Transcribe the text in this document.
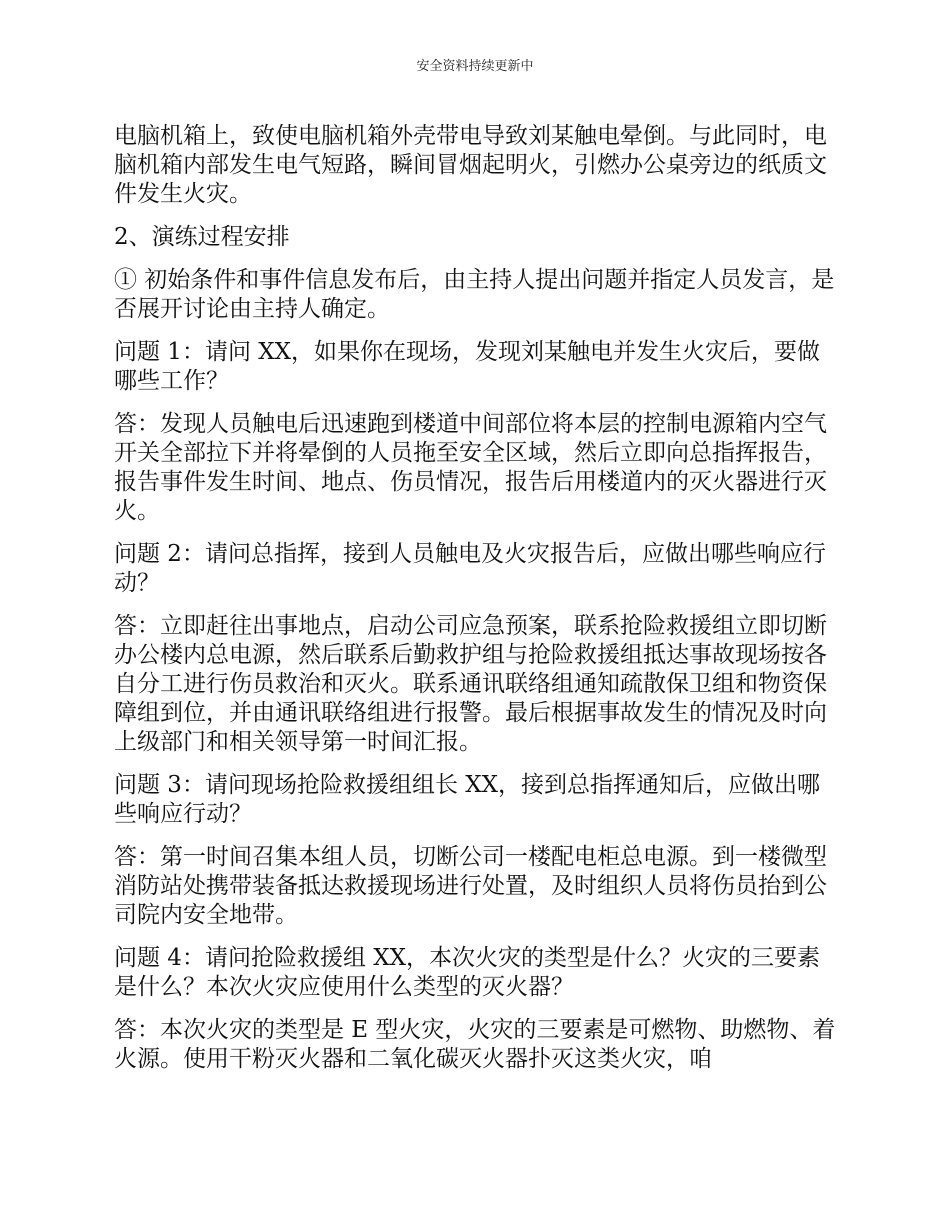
安全资料持续更新中

电脑机箱上，致使电脑机箱外壳带电导致刘某触电晕倒。与此同时，电脑机箱内部发生电气短路，瞬间冒烟起明火，引燃办公桌旁边的纸质文件发生火灾。

2、演练过程安排

① 初始条件和事件信息发布后，由主持人提出问题并指定人员发言，是否展开讨论由主持人确定。

问题 1：请问 XX，如果你在现场，发现刘某触电并发生火灾后，要做哪些工作？

答：发现人员触电后迅速跑到楼道中间部位将本层的控制电源箱内空气开关全部拉下并将晕倒的人员拖至安全区域，然后立即向总指挥报告，报告事件发生时间、地点、伤员情况，报告后用楼道内的灭火器进行灭火。

问题 2：请问总指挥，接到人员触电及火灾报告后，应做出哪些响应行动？

答：立即赶往出事地点，启动公司应急预案，联系抢险救援组立即切断办公楼内总电源，然后联系后勤救护组与抢险救援组抵达事故现场按各自分工进行伤员救治和灭火。联系通讯联络组通知疏散保卫组和物资保障组到位，并由通讯联络组进行报警。最后根据事故发生的情况及时向上级部门和相关领导第一时间汇报。

问题 3：请问现场抢险救援组组长 XX，接到总指挥通知后，应做出哪些响应行动？

答：第一时间召集本组人员，切断公司一楼配电柜总电源。到一楼微型消防站处携带装备抵达救援现场进行处置，及时组织人员将伤员抬到公司院内安全地带。

问题 4：请问抢险救援组 XX，本次火灾的类型是什么？火灾的三要素是什么？本次火灾应使用什么类型的灭火器？

答：本次火灾的类型是 E 型火灾，火灾的三要素是可燃物、助燃物、着火源。使用干粉灭火器和二氧化碳灭火器扑灭这类火灾，咱
